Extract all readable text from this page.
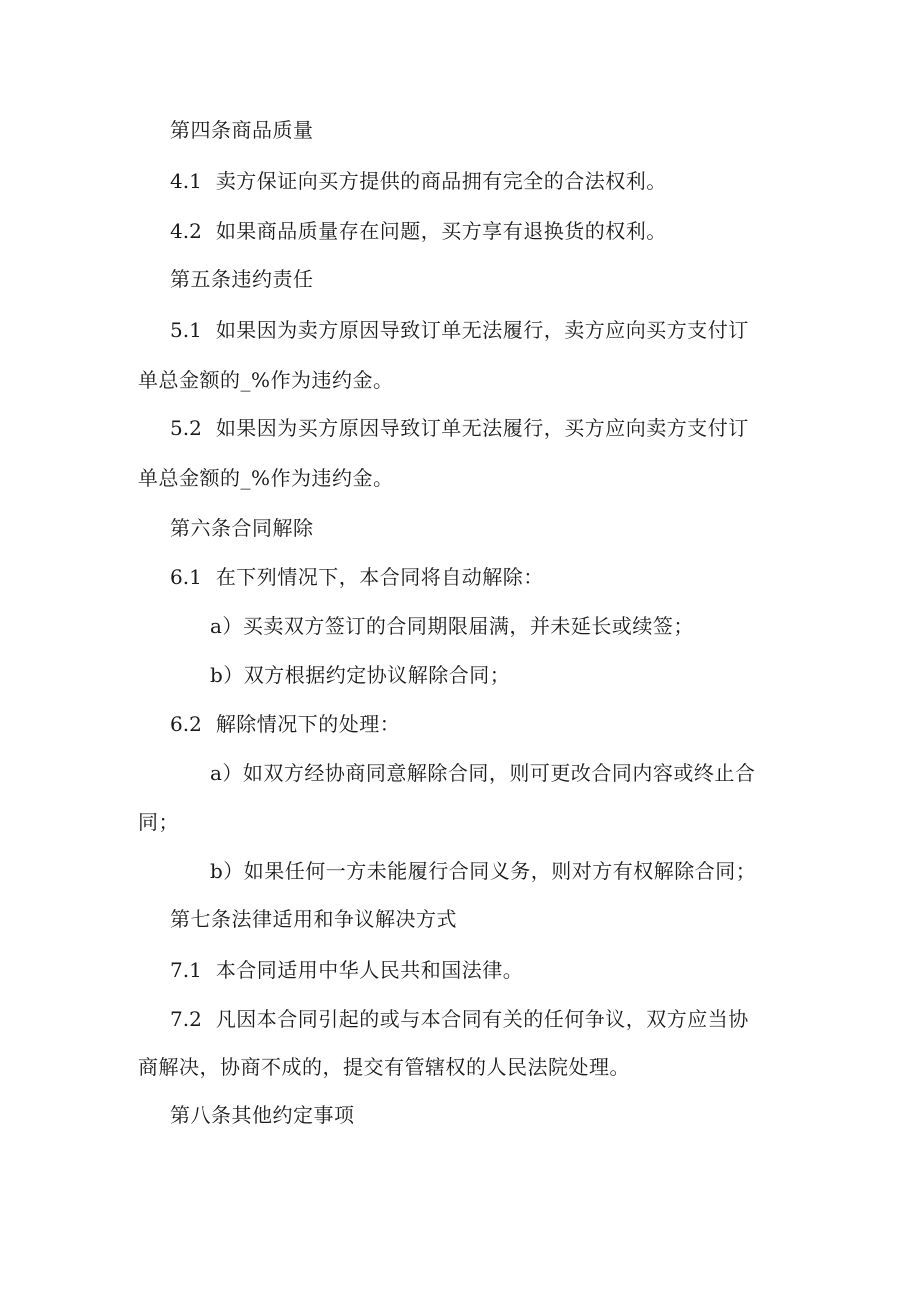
第四条商品质量
4.1 卖方保证向买方提供的商品拥有完全的合法权利。
4.2 如果商品质量存在问题，买方享有退换货的权利。
第五条违约责任
5.1 如果因为卖方原因导致订单无法履行，卖方应向买方支付订
单总金额的_%作为违约金。
5.2 如果因为买方原因导致订单无法履行，买方应向卖方支付订
单总金额的_%作为违约金。
第六条合同解除
6.1 在下列情况下，本合同将自动解除：
a）买卖双方签订的合同期限届满，并未延长或续签；
b）双方根据约定协议解除合同；
6.2 解除情况下的处理：
a）如双方经协商同意解除合同，则可更改合同内容或终止合
同；
b）如果任何一方未能履行合同义务，则对方有权解除合同；
第七条法律适用和争议解决方式
7.1 本合同适用中华人民共和国法律。
7.2 凡因本合同引起的或与本合同有关的任何争议，双方应当协
商解决，协商不成的，提交有管辖权的人民法院处理。
第八条其他约定事项
